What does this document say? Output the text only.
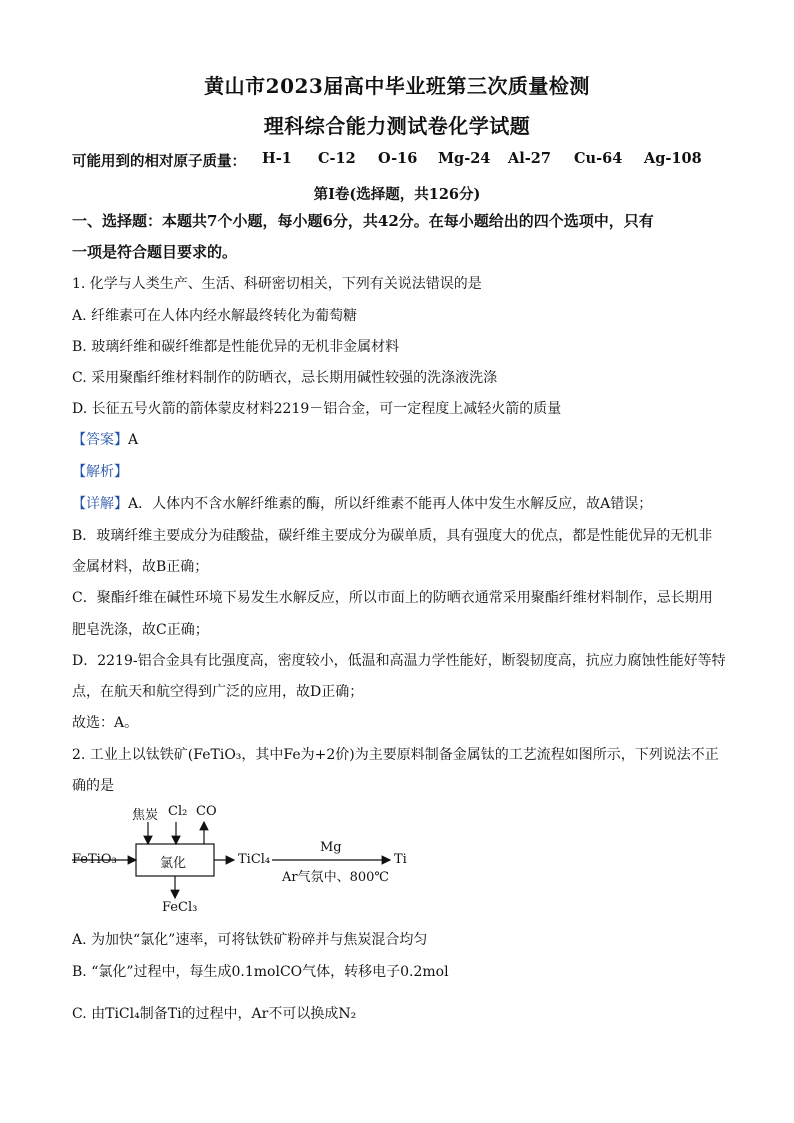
黄山市2023届高中毕业班第三次质量检测
理科综合能力测试卷化学试题
可能用到的相对原子质量： H-1 C-12 O-16 Mg-24 Al-27 Cu-64 Ag-108
第Ⅰ卷(选择题，共126分)
一、选择题：本题共7个小题，每小题6分，共42分。在每小题给出的四个选项中，只有
一项是符合题目要求的。
1. 化学与人类生产、生活、科研密切相关，下列有关说法错误的是
A. 纤维素可在人体内经水解最终转化为葡萄糖
B. 玻璃纤维和碳纤维都是性能优异的无机非金属材料
C. 采用聚酯纤维材料制作的防晒衣，忌长期用碱性较强的洗涤液洗涤
D. 长征五号火箭的箭体蒙皮材料2219－铝合金，可一定程度上减轻火箭的质量
【答案】A
【解析】
【详解】A．人体内不含水解纤维素的酶，所以纤维素不能再人体中发生水解反应，故A错误；
B．玻璃纤维主要成分为硅酸盐，碳纤维主要成分为碳单质，具有强度大的优点，都是性能优异的无机非
金属材料，故B正确；
C．聚酯纤维在碱性环境下易发生水解反应，所以市面上的防晒衣通常采用聚酯纤维材料制作，忌长期用
肥皂洗涤，故C正确；
D．2219-铝合金具有比强度高，密度较小，低温和高温力学性能好，断裂韧度高，抗应力腐蚀性能好等特
点，在航天和航空得到广泛的应用，故D正确；
故选：A。
2. 工业上以钛铁矿(FeTiO₃，其中Fe为+2价)为主要原料制备金属钛的工艺流程如图所示，下列说法不正
确的是
焦炭 Cl₂ CO
FeTiO₃	氯化	TiCl₄
Mg
Ar气氛中、800℃
Ti
FeCl₃
A. 为加快“氯化”速率，可将钛铁矿粉碎并与焦炭混合均匀
B. “氯化”过程中，每生成0.1molCO气体，转移电子0.2mol
C. 由TiCl₄制备Ti的过程中，Ar不可以换成N₂
